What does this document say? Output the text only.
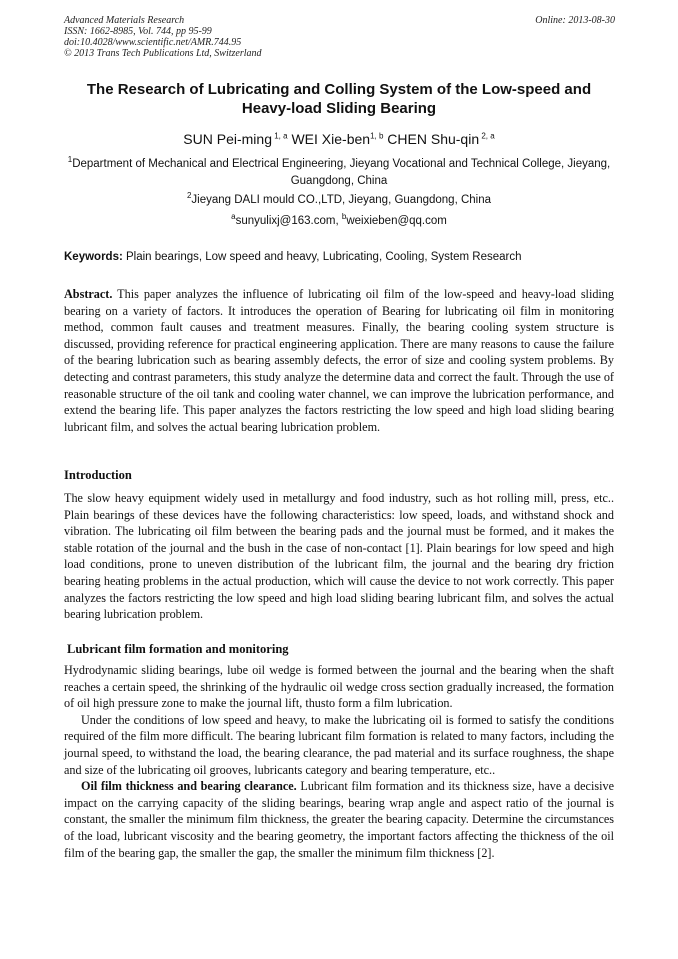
Advanced Materials Research
ISSN: 1662-8985, Vol. 744, pp 95-99
doi:10.4028/www.scientific.net/AMR.744.95
© 2013 Trans Tech Publications Ltd, Switzerland
Online: 2013-08-30
The Research of Lubricating and Colling System of the Low-speed and
Heavy-load Sliding Bearing
SUN Pei-ming $^{1, a}$ WEI Xie-ben$^{1, b}$ CHEN Shu-qin $^{2, a}$
$^1$Department of Mechanical and Electrical Engineering, Jieyang Vocational and Technical College, Jieyang, Guangdong, China
$^2$Jieyang DALI mould CO.,LTD, Jieyang, Guangdong, China
$^a$sunyulixj@163.com, $^b$weixieben@qq.com
Keywords: Plain bearings, Low speed and heavy, Lubricating, Cooling, System Research

Abstract. This paper analyzes the influence of lubricating oil film of the low-speed and heavy-load sliding bearing on a variety of factors. It introduces the operation of Bearing for lubricating oil film in monitoring method, common fault causes and treatment measures. Finally, the bearing cooling system structure is discussed, providing reference for practical engineering application. There are many reasons to cause the failure of the bearing lubrication such as bearing assembly defects, the error of size and cooling system problems. By detecting and contrast parameters, this study analyze the determine data and correct the fault. Through the use of reasonable structure of the oil tank and cooling water channel, we can improve the lubrication performance, and extend the bearing life. This paper analyzes the factors restricting the low speed and high load sliding bearing lubricant film, and solves the actual bearing lubrication problem.

Introduction

The slow heavy equipment widely used in metallurgy and food industry, such as hot rolling mill, press, etc.. Plain bearings of these devices have the following characteristics: low speed, loads, and withstand shock and vibration. The lubricating oil film between the bearing pads and the journal must be formed, and it makes the stable rotation of the journal and the bush in the case of non-contact [1]. Plain bearings for low speed and high load conditions, prone to uneven distribution of the lubricant film, the journal and the bearing dry friction bearing heating problems in the actual production, which will cause the device to not work correctly. This paper analyzes the factors restricting the low speed and high load sliding bearing lubricant film, and solves the actual bearing lubrication problem.

Lubricant film formation and monitoring

Hydrodynamic sliding bearings, lube oil wedge is formed between the journal and the bearing when the shaft reaches a certain speed, the shrinking of the hydraulic oil wedge cross section gradually increased, the formation of oil high pressure zone to make the journal lift, thusto form a film lubrication.

Under the conditions of low speed and heavy, to make the lubricating oil is formed to satisfy the conditions required of the film more difficult. The bearing lubricant film formation is related to many factors, including the journal speed, to withstand the load, the bearing clearance, the pad material and its surface roughness, the shape and size of the lubricating oil grooves, lubricants category and bearing temperature, etc..

Oil film thickness and bearing clearance. Lubricant film formation and its thickness size, have a decisive impact on the carrying capacity of the sliding bearings, bearing wrap angle and aspect ratio of the journal is constant, the smaller the minimum film thickness, the greater the bearing capacity. Determine the circumstances of the load, lubricant viscosity and the bearing geometry, the important factors affecting the thickness of the oil film of the bearing gap, the smaller the gap, the smaller the minimum film thickness [2].
